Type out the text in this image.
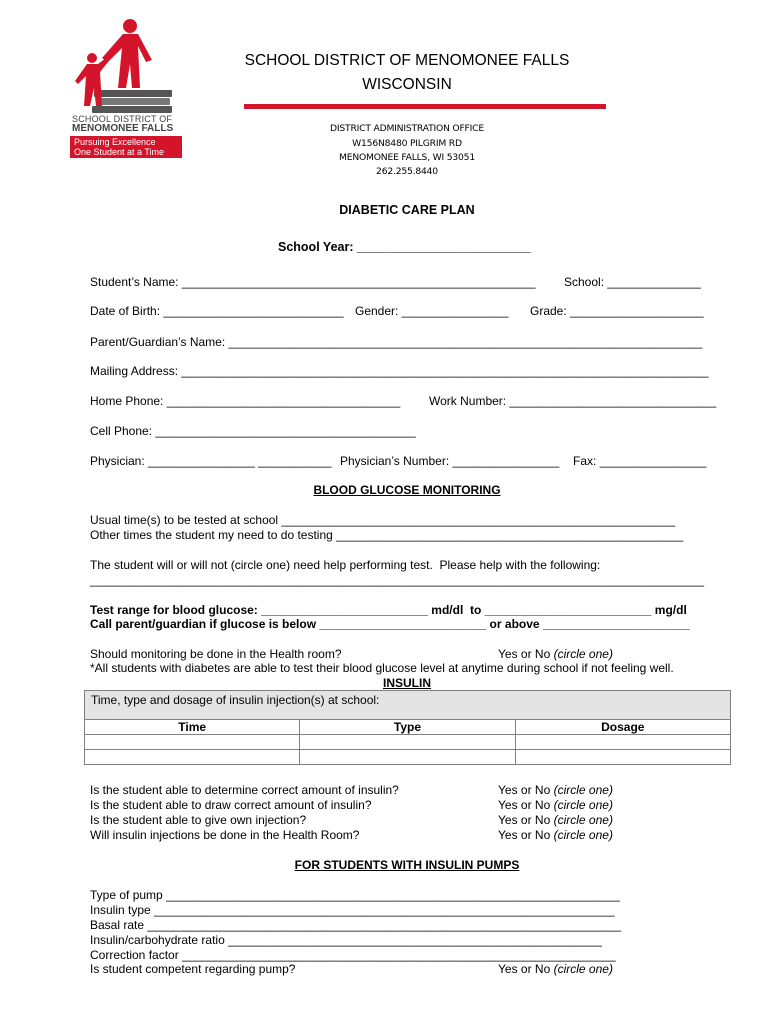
SCHOOL DISTRICT OF
MENOMONEE FALLS
Pursuing Excellence
One Student at a Time
SCHOOL DISTRICT OF MENOMONEE FALLS
WISCONSIN
DISTRICT ADMINISTRATION OFFICE
W156N8480 PILGRIM RD
MENOMONEE FALLS, WI 53051
262.255.8440
DIABETIC CARE PLAN
School Year: _________________________
Student’s Name: _____________________________________________________ School: ______________
Date of Birth: ___________________________ Gender: ________________ Grade: ____________________
Parent/Guardian’s Name: _______________________________________________________________________
Mailing Address: _______________________________________________________________________________
Home Phone: ___________________________________ Work Number: _______________________________
Cell Phone: _______________________________________
Physician: ________________ ___________ Physician’s Number: ________________ Fax: ________________
BLOOD GLUCOSE MONITORING
Usual time(s) to be tested at school ___________________________________________________________
Other times the student my need to do testing ____________________________________________________
The student will or will not (circle one) need help performing test.  Please help with the following:
____________________________________________________________________________________________
Test range for blood glucose: _________________________ md/dl  to _________________________ mg/dl
Call parent/guardian if glucose is below _________________________ or above ______________________
Should monitoring be done in the Health room?	Yes or No (circle one)
*All students with diabetes are able to test their blood glucose level at anytime during school if not feeling well.
INSULIN
Time, type and dosage of insulin injection(s) at school:
Time	Type	Dosage

Is the student able to determine correct amount of insulin?	Yes or No (circle one)
Is the student able to draw correct amount of insulin?	Yes or No (circle one)
Is the student able to give own injection?	Yes or No (circle one)
Will insulin injections be done in the Health Room?	Yes or No (circle one)
FOR STUDENTS WITH INSULIN PUMPS
Type of pump ____________________________________________________________________
Insulin type _____________________________________________________________________
Basal rate _______________________________________________________________________
Insulin/carbohydrate ratio ________________________________________________________
Correction factor _________________________________________________________________
Is student competent regarding pump?	Yes or No (circle one)
